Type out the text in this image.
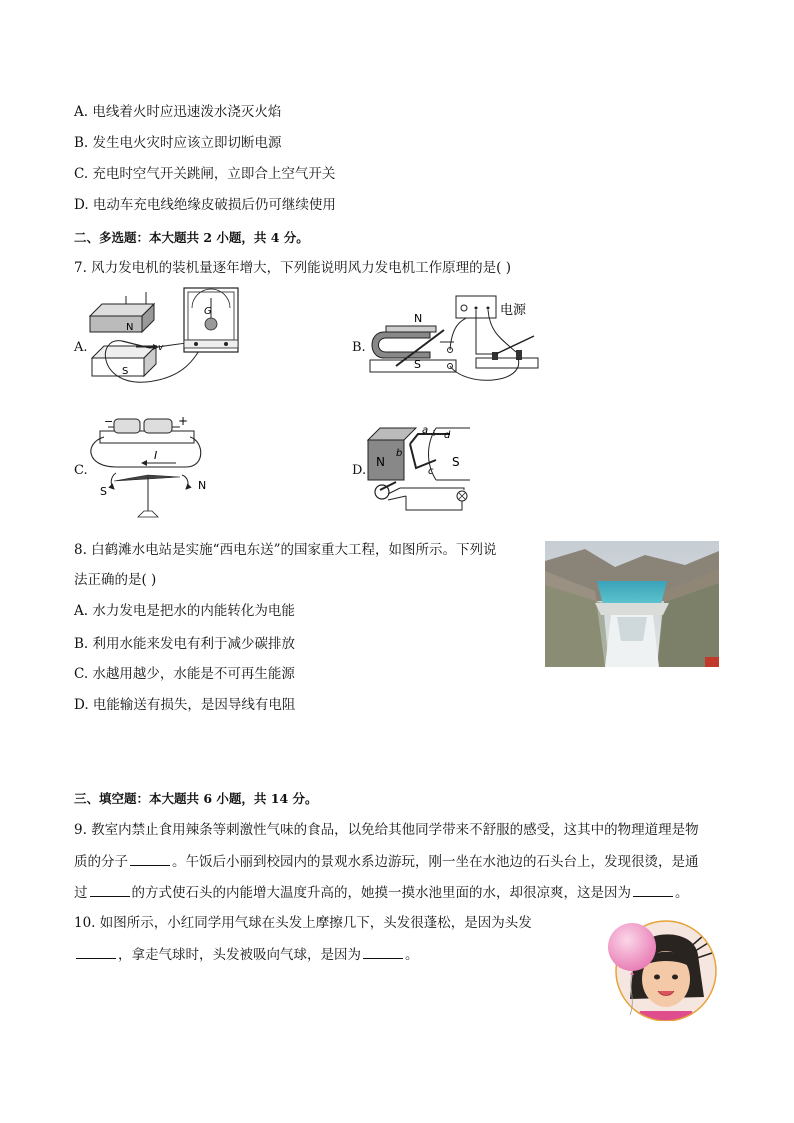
A. 电线着火时应迅速泼水浇灭火焰
B. 发生电火灾时应该立即切断电源
C. 充电时空气开关跳闸，立即合上空气开关
D. 电动车充电线绝缘皮破损后仍可继续使用
二、多选题：本大题共 2 小题，共 4 分。
7. 风力发电机的装机量逐年增大，下列能说明风力发电机工作原理的是( )
A.	B.
C.	D.
N
S
v
G
N
S
电源
−	+
I
S	N
N	S
a
b
c
d
8. 白鹤滩水电站是实施“西电东送”的国家重大工程，如图所示。下列说
法正确的是( )
A. 水力发电是把水的内能转化为电能
B. 利用水能来发电有利于减少碳排放
C. 水越用越少，水能是不可再生能源
D. 电能输送有损失，是因导线有电阻
三、填空题：本大题共 6 小题，共 14 分。
9. 教室内禁止食用辣条等刺激性气味的食品，以免给其他同学带来不舒服的感受，这其中的物理道理是物
质的分子	。午饭后小丽到校园内的景观水系边游玩，刚一坐在水池边的石头台上，发现很烫，是通
过	的方式使石头的内能增大温度升高的，她摸一摸水池里面的水，却很凉爽，这是因为	。
10. 如图所示，小红同学用气球在头发上摩擦几下，头发很蓬松，是因为头发
，拿走气球时，头发被吸向气球，是因为	。
